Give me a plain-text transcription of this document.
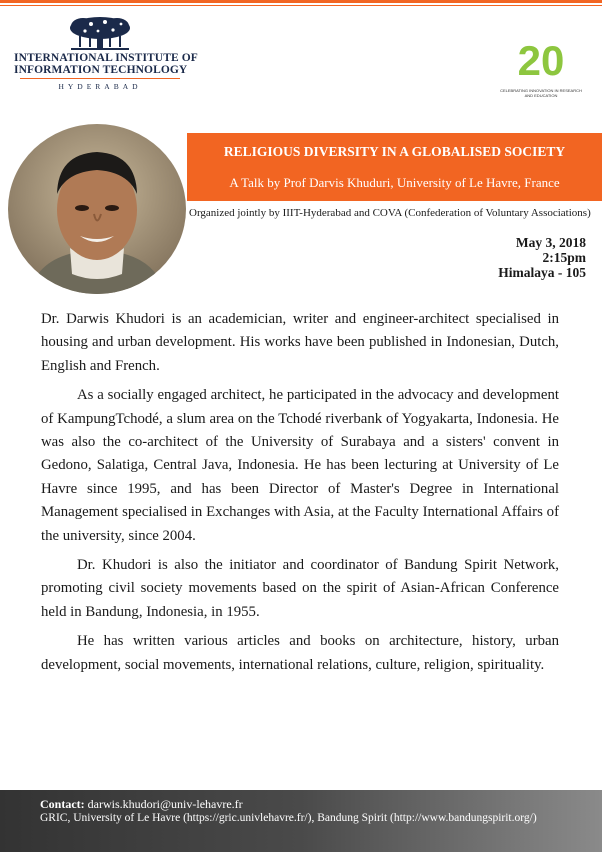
INTERNATIONAL INSTITUTE OF
INFORMATION TECHNOLOGY
HYDERABAD
20
CELEBRATING INNOVATION IN RESEARCH AND EDUCATION
RELIGIOUS DIVERSITY IN A GLOBALISED SOCIETY
A Talk by Prof Darvis Khuduri, University of Le Havre, France
Organized jointly by IIIT-Hyderabad and COVA (Confederation of Voluntary Associations)
May 3, 2018
2:15pm
Himalaya - 105

Dr. Darwis Khudori is an academician, writer and engineer-architect specialised in housing and urban development. His works have been published in Indonesian, Dutch, English and French.

As a socially engaged architect, he participated in the advocacy and development of KampungTchodé, a slum area on the Tchodé riverbank of Yogyakarta, Indonesia. He was also the co-architect of the University of Surabaya and a sisters' convent in Gedono, Salatiga, Central Java, Indonesia. He has been lecturing at University of Le Havre since 1995, and has been Director of Master's Degree in International Management specialised in Exchanges with Asia, at the Faculty International Affairs of the university, since 2004.

Dr. Khudori is also the initiator and coordinator of Bandung Spirit Network, promoting civil society movements based on the spirit of Asian-African Conference held in Bandung, Indonesia, in 1955.

He has written various articles and books on architecture, history, urban development, social movements, international relations, culture, religion, spirituality.

Contact: darwis.khudori@univ-lehavre.fr
GRIC, University of Le Havre (https://gric.univlehavre.fr/), Bandung Spirit (http://www.bandungspirit.org/)
